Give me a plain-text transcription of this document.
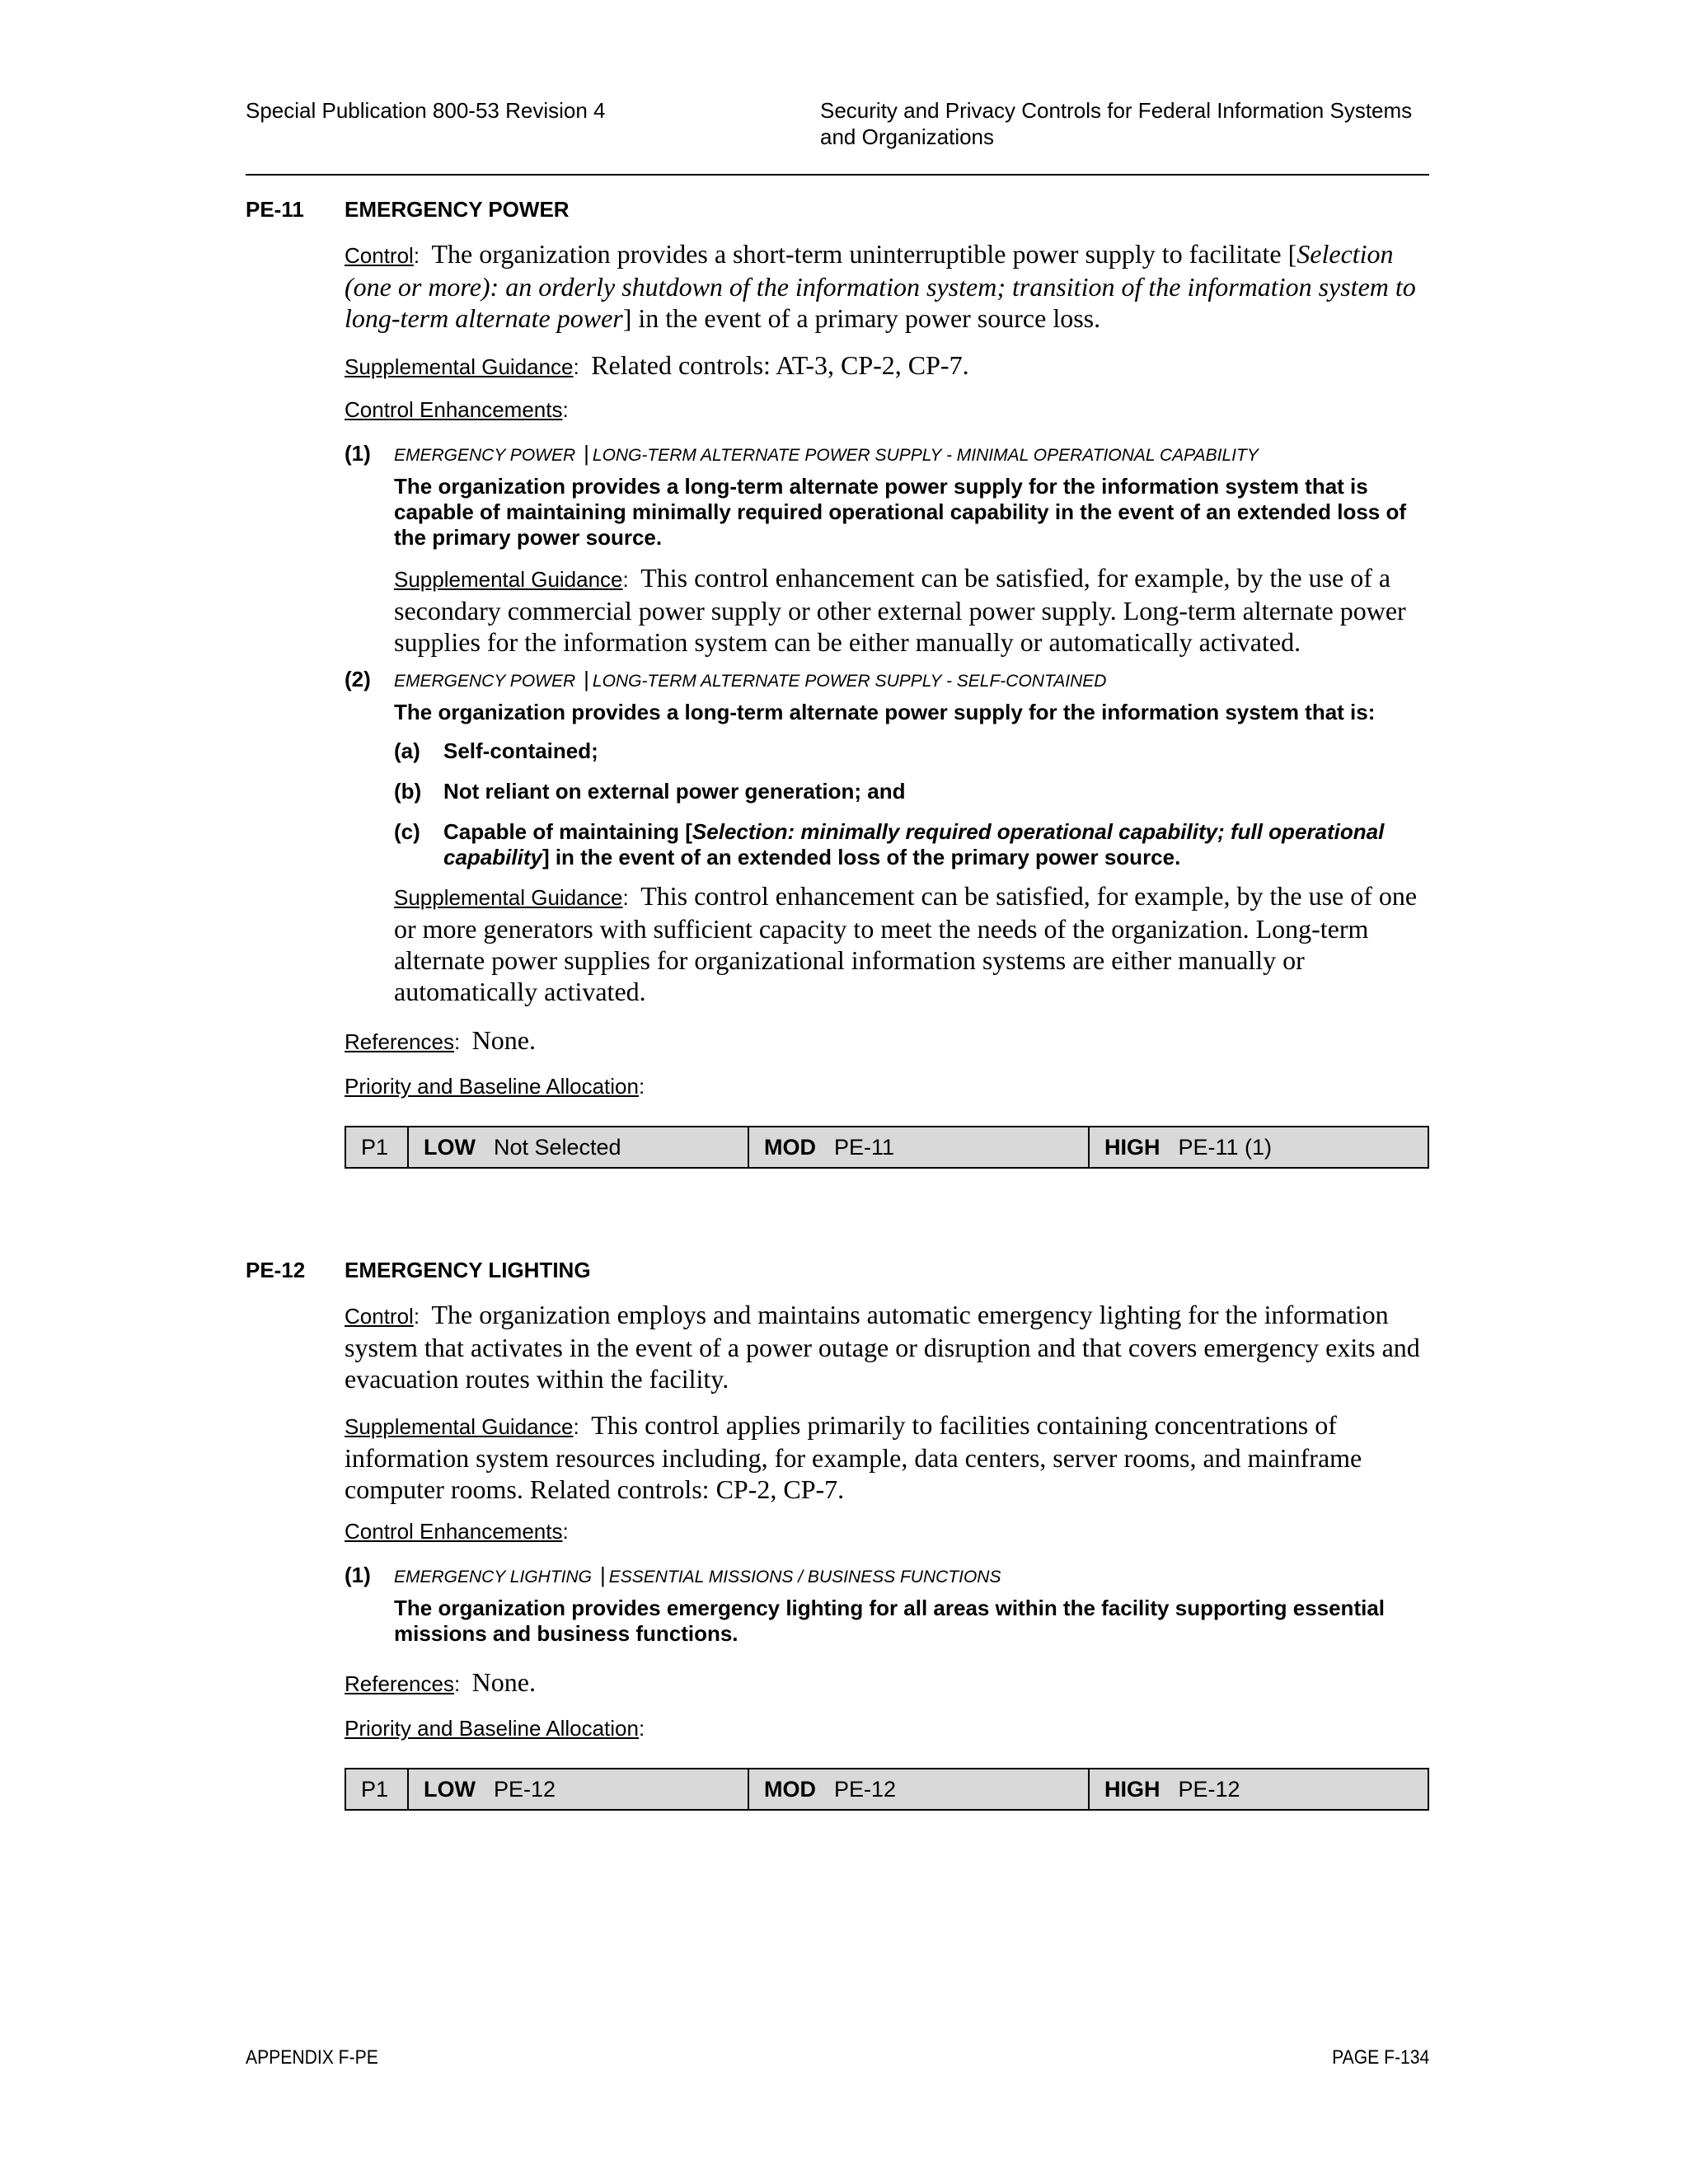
Special Publication 800-53 Revision 4	Security and Privacy Controls for Federal Information Systems
and Organizations
PE-11 EMERGENCY POWER

Control:  The organization provides a short-term uninterruptible power supply to facilitate [Selection (one or more): an orderly shutdown of the information system; transition of the information system to long-term alternate power] in the event of a primary power source loss.

Supplemental Guidance:  Related controls: AT-3, CP-2, CP-7.

Control Enhancements:

(1) EMERGENCY POWER | LONG-TERM ALTERNATE POWER SUPPLY - MINIMAL OPERATIONAL CAPABILITY

The organization provides a long-term alternate power supply for the information system that is capable of maintaining minimally required operational capability in the event of an extended loss of the primary power source.

Supplemental Guidance:  This control enhancement can be satisfied, for example, by the use of a secondary commercial power supply or other external power supply. Long-term alternate power supplies for the information system can be either manually or automatically activated.

(2) EMERGENCY POWER | LONG-TERM ALTERNATE POWER SUPPLY - SELF-CONTAINED

The organization provides a long-term alternate power supply for the information system that is:

(a) Self-contained;
(b) Not reliant on external power generation; and
(c) Capable of maintaining [Selection: minimally required operational capability; full operational capability] in the event of an extended loss of the primary power source.

Supplemental Guidance:  This control enhancement can be satisfied, for example, by the use of one or more generators with sufficient capacity to meet the needs of the organization. Long-term alternate power supplies for organizational information systems are either manually or automatically activated.

References:  None.

Priority and Baseline Allocation:

P1	LOW Not Selected	MOD PE-11	HIGH PE-11 (1)
PE-12 EMERGENCY LIGHTING

Control:  The organization employs and maintains automatic emergency lighting for the information system that activates in the event of a power outage or disruption and that covers emergency exits and evacuation routes within the facility.

Supplemental Guidance:  This control applies primarily to facilities containing concentrations of information system resources including, for example, data centers, server rooms, and mainframe computer rooms. Related controls: CP-2, CP-7.

Control Enhancements:

(1) EMERGENCY LIGHTING | ESSENTIAL MISSIONS / BUSINESS FUNCTIONS

The organization provides emergency lighting for all areas within the facility supporting essential missions and business functions.

References:  None.

Priority and Baseline Allocation:

P1	LOW PE-12	MOD PE-12	HIGH PE-12
APPENDIX F-PE	PAGE F-134
